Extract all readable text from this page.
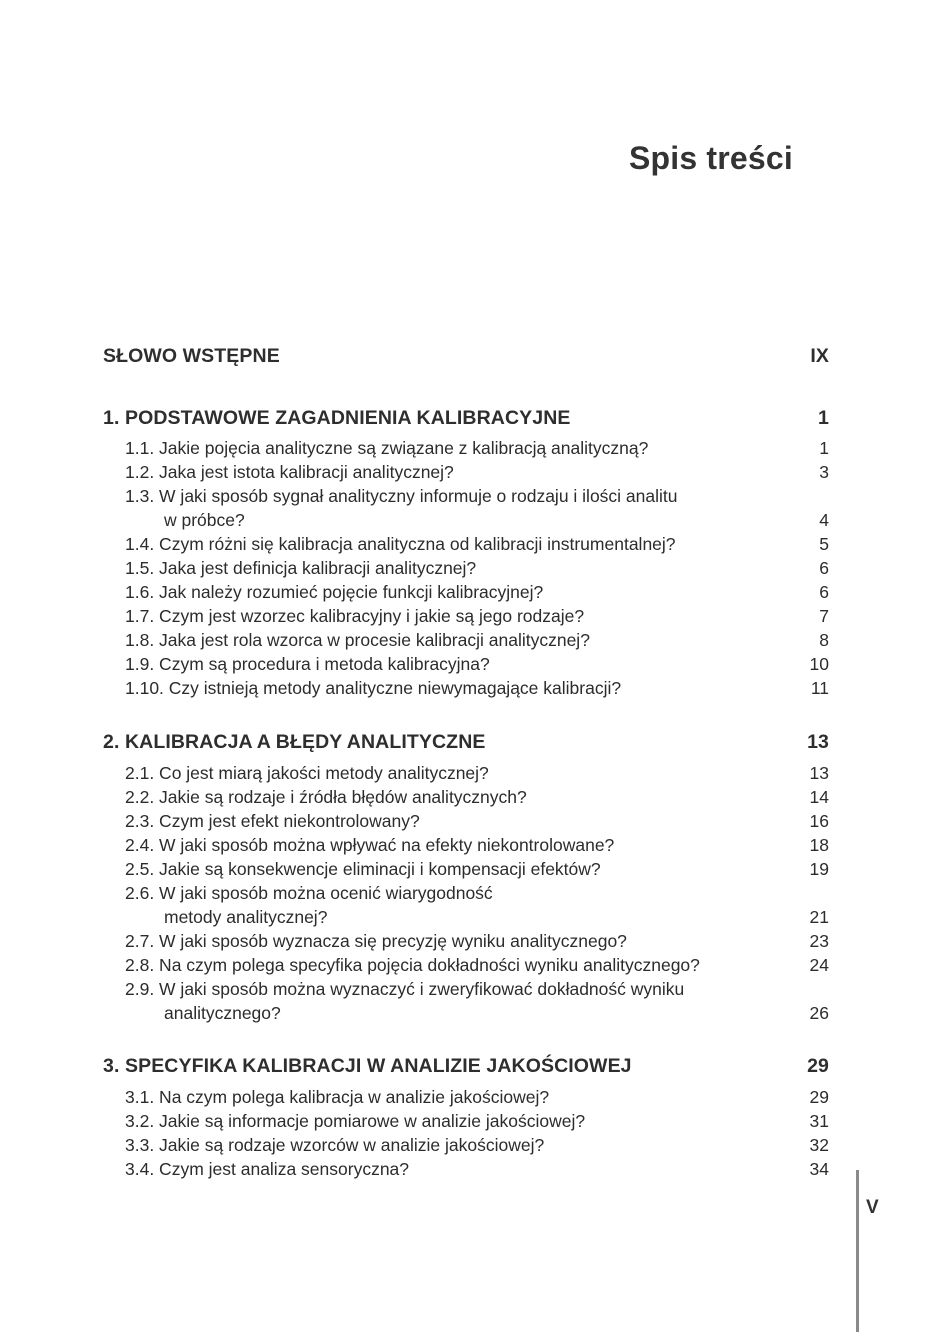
Spis treści
SŁOWO WSTĘPNE	IX
1. PODSTAWOWE ZAGADNIENIA KALIBRACYJNE	1
1.1. Jakie pojęcia analityczne są związane z kalibracją analityczną?	1
1.2. Jaka jest istota kalibracji analitycznej?	3
1.3. W jaki sposób sygnał analityczny informuje o rodzaju i ilości analitu
w próbce?	4
1.4. Czym różni się kalibracja analityczna od kalibracji instrumentalnej?	5
1.5. Jaka jest definicja kalibracji analitycznej?	6
1.6. Jak należy rozumieć pojęcie funkcji kalibracyjnej?	6
1.7. Czym jest wzorzec kalibracyjny i jakie są jego rodzaje?	7
1.8. Jaka jest rola wzorca w procesie kalibracji analitycznej?	8
1.9. Czym są procedura i metoda kalibracyjna?	10
1.10. Czy istnieją metody analityczne niewymagające kalibracji?	11
2. KALIBRACJA A BŁĘDY ANALITYCZNE	13
2.1. Co jest miarą jakości metody analitycznej?	13
2.2. Jakie są rodzaje i źródła błędów analitycznych?	14
2.3. Czym jest efekt niekontrolowany?	16
2.4. W jaki sposób można wpływać na efekty niekontrolowane?	18
2.5. Jakie są konsekwencje eliminacji i kompensacji efektów?	19
2.6. W jaki sposób można ocenić wiarygodność
metody analitycznej?	21
2.7. W jaki sposób wyznacza się precyzję wyniku analitycznego?	23
2.8. Na czym polega specyfika pojęcia dokładności wyniku analitycznego?	24
2.9. W jaki sposób można wyznaczyć i zweryfikować dokładność wyniku
analitycznego?	26
3. SPECYFIKA KALIBRACJI W ANALIZIE JAKOŚCIOWEJ	29
3.1. Na czym polega kalibracja w analizie jakościowej?	29
3.2. Jakie są informacje pomiarowe w analizie jakościowej?	31
3.3. Jakie są rodzaje wzorców w analizie jakościowej?	32
3.4. Czym jest analiza sensoryczna?	34
V
